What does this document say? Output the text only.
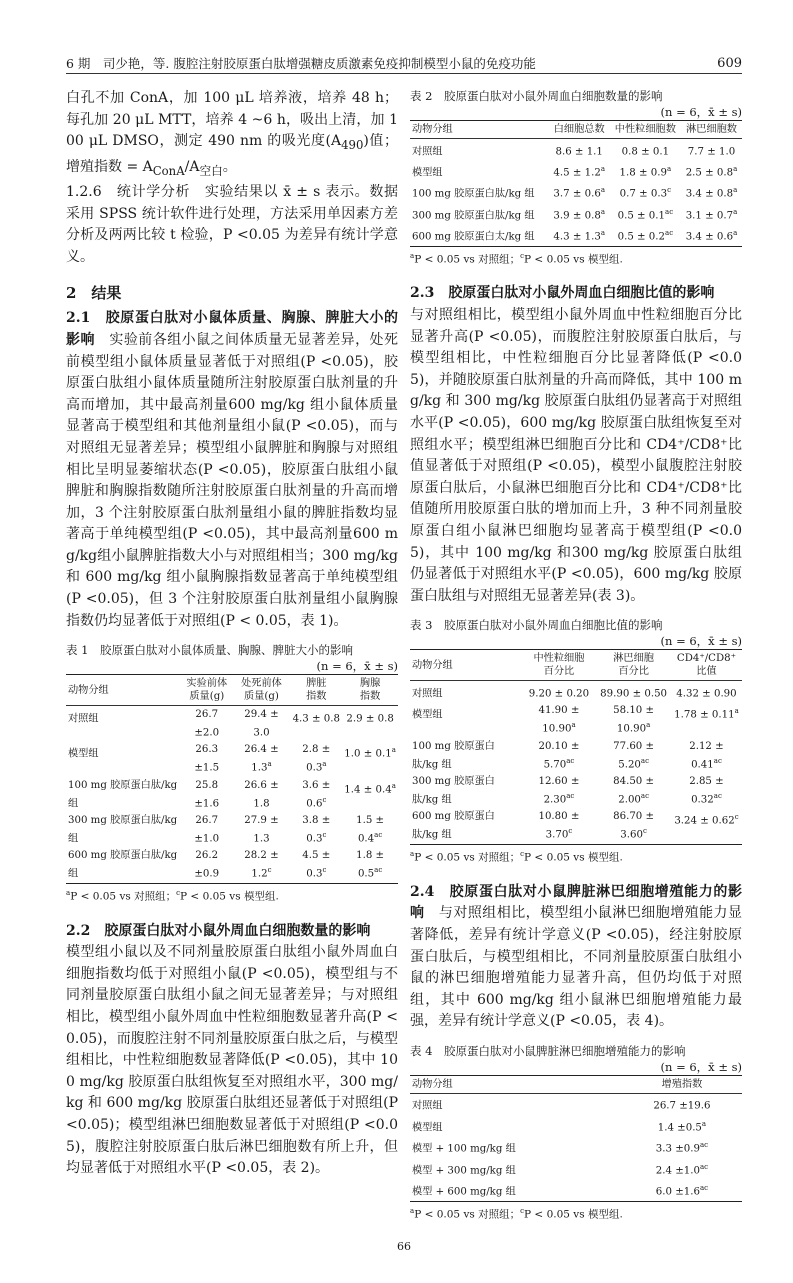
6 期　司少艳，等. 腹腔注射胶原蛋白肽增强糖皮质激素免疫抑制模型小鼠的免疫功能	609

白孔不加 ConA，加 100 μL 培养液，培养 48 h；每孔加 20 μL MTT，培养 4 ~6 h，吸出上清，加 100 μL DMSO，测定 490 nm 的吸光度$(A_{490})$值；增殖指数 = $A_{ConA}/A_{空白}$。

1.2.6　统计学分析　实验结果以 x̄ ± s 表示。数据采用 SPSS 统计软件进行处理，方法采用单因素方差分析及两两比较 t 检验，P <0.05 为差异有统计学意义。

2　结果

2.1　胶原蛋白肽对小鼠体质量、胸腺、脾脏大小的影响　实验前各组小鼠之间体质量无显著差异，处死前模型组小鼠体质量显著低于对照组(P <0.05)，胶原蛋白肽组小鼠体质量随所注射胶原蛋白肽剂量的升高而增加，其中最高剂量600 mg/kg 组小鼠体质量显著高于模型组和其他剂量组小鼠(P <0.05)，而与对照组无显著差异；模型组小鼠脾脏和胸腺与对照组相比呈明显萎缩状态(P <0.05)，胶原蛋白肽组小鼠脾脏和胸腺指数随所注射胶原蛋白肽剂量的升高而增加，3 个注射胶原蛋白肽剂量组小鼠的脾脏指数均显著高于单纯模型组(P <0.05)，其中最高剂量600 mg/kg组小鼠脾脏指数大小与对照组相当；300 mg/kg和 600 mg/kg 组小鼠胸腺指数显著高于单纯模型组(P <0.05)，但 3 个注射胶原蛋白肽剂量组小鼠胸腺指数仍均显著低于对照组(P < 0.05，表 1)。

表 1　胶原蛋白肽对小鼠体质量、胸腺、脾脏大小的影响
(n = 6，x̄ ± s)
动物分组	实验前体
质量(g)	处死前体
质量(g)	脾脏
指数	胸腺
指数
对照组	26.7 ±2.0	29.4 ± 3.0	4.3 ± 0.8	2.9 ± 0.8
模型组	26.3 ±1.5	26.4 ± 1.3$^a$	2.8 ± 0.3$^a$	1.0 ± 0.1$^a$
100 mg 胶原蛋白肽/kg 组	25.8 ±1.6	26.6 ± 1.8	3.6 ± 0.6$^c$	1.4 ± 0.4$^a$
300 mg 胶原蛋白肽/kg 组	26.7 ±1.0	27.9 ± 1.3	3.8 ± 0.3$^c$	1.5 ± 0.4$^{ac}$
600 mg 胶原蛋白肽/kg 组	26.2 ±0.9	28.2 ± 1.2$^c$	4.5 ± 0.3$^c$	1.8 ± 0.5$^{ac}$
$^a$P < 0.05 vs 对照组；$^c$P < 0.05 vs 模型组.

2.2　胶原蛋白肽对小鼠外周血白细胞数量的影响

模型组小鼠以及不同剂量胶原蛋白肽组小鼠外周血白细胞指数均低于对照组小鼠(P <0.05)，模型组与不同剂量胶原蛋白肽组小鼠之间无显著差异；与对照组相比，模型组小鼠外周血中性粒细胞数显著升高(P <0.05)，而腹腔注射不同剂量胶原蛋白肽之后，与模型组相比，中性粒细胞数显著降低(P <0.05)，其中 100 mg/kg 胶原蛋白肽组恢复至对照组水平，300 mg/kg 和 600 mg/kg 胶原蛋白肽组还显著低于对照组(P <0.05)；模型组淋巴细胞数显著低于对照组(P <0.05)，腹腔注射胶原蛋白肽后淋巴细胞数有所上升，但均显著低于对照组水平(P <0.05，表 2)。

表 2　胶原蛋白肽对小鼠外周血白细胞数量的影响
(n = 6，x̄ ± s)
动物分组	白细胞总数	中性粒细胞数	淋巴细胞数
对照组	8.6 ± 1.1	0.8 ± 0.1	7.7 ± 1.0
模型组	4.5 ± 1.2$^a$	1.8 ± 0.9$^a$	2.5 ± 0.8$^a$
100 mg 胶原蛋白肽/kg 组	3.7 ± 0.6$^a$	0.7 ± 0.3$^c$	3.4 ± 0.8$^a$
300 mg 胶原蛋白肽/kg 组	3.9 ± 0.8$^a$	0.5 ± 0.1$^{ac}$	3.1 ± 0.7$^a$
600 mg 胶原蛋白太/kg 组	4.3 ± 1.3$^a$	0.5 ± 0.2$^{ac}$	3.4 ± 0.6$^a$
$^a$P < 0.05 vs 对照组；$^c$P < 0.05 vs 模型组.

2.3　胶原蛋白肽对小鼠外周血白细胞比值的影响

与对照组相比，模型组小鼠外周血中性粒细胞百分比显著升高(P <0.05)，而腹腔注射胶原蛋白肽后，与模型组相比，中性粒细胞百分比显著降低(P <0.05)，并随胶原蛋白肽剂量的升高而降低，其中 100 mg/kg 和 300 mg/kg 胶原蛋白肽组仍显著高于对照组水平(P <0.05)，600 mg/kg 胶原蛋白肽组恢复至对照组水平；模型组淋巴细胞百分比和 CD4⁺/CD8⁺比值显著低于对照组(P <0.05)，模型小鼠腹腔注射胶原蛋白肽后，小鼠淋巴细胞百分比和 CD4⁺/CD8⁺比值随所用胶原蛋白肽的增加而上升，3 种不同剂量胶原蛋白组小鼠淋巴细胞均显著高于模型组(P <0.05)，其中 100 mg/kg 和300 mg/kg 胶原蛋白肽组仍显著低于对照组水平(P <0.05)，600 mg/kg 胶原蛋白肽组与对照组无显著差异(表 3)。

表 3　胶原蛋白肽对小鼠外周血白细胞比值的影响
(n = 6，x̄ ± s)
动物分组	中性粒细胞
百分比	淋巴细胞
百分比	CD4⁺/CD8⁺
比值
对照组	9.20 ± 0.20	89.90 ± 0.50	4.32 ± 0.90
模型组	41.90 ± 10.90$^a$	58.10 ± 10.90$^a$	1.78 ± 0.11$^a$
100 mg 胶原蛋白肽/kg 组	20.10 ± 5.70$^{ac}$	77.60 ± 5.20$^{ac}$	2.12 ± 0.41$^{ac}$
300 mg 胶原蛋白肽/kg 组	12.60 ± 2.30$^{ac}$	84.50 ± 2.00$^{ac}$	2.85 ± 0.32$^{ac}$
600 mg 胶原蛋白肽/kg 组	10.80 ± 3.70$^c$	86.70 ± 3.60$^c$	3.24 ± 0.62$^c$
$^a$P < 0.05 vs 对照组；$^c$P < 0.05 vs 模型组.

2.4　胶原蛋白肽对小鼠脾脏淋巴细胞增殖能力的影响　与对照组相比，模型组小鼠淋巴细胞增殖能力显著降低，差异有统计学意义(P <0.05)，经注射胶原蛋白肽后，与模型组相比，不同剂量胶原蛋白肽组小鼠的淋巴细胞增殖能力显著升高，但仍均低于对照组，其中 600 mg/kg 组小鼠淋巴细胞增殖能力最强，差异有统计学意义(P <0.05，表 4)。

表 4　胶原蛋白肽对小鼠脾脏淋巴细胞增殖能力的影响
(n = 6，x̄ ± s)
动物分组	增殖指数
对照组	26.7 ±19.6
模型组	1.4 ±0.5$^a$
模型 + 100 mg/kg 组	3.3 ±0.9$^{ac}$
模型 + 300 mg/kg 组	2.4 ±1.0$^{ac}$
模型 + 600 mg/kg 组	6.0 ±1.6$^{ac}$
$^a$P < 0.05 vs 对照组；$^c$P < 0.05 vs 模型组.
66
